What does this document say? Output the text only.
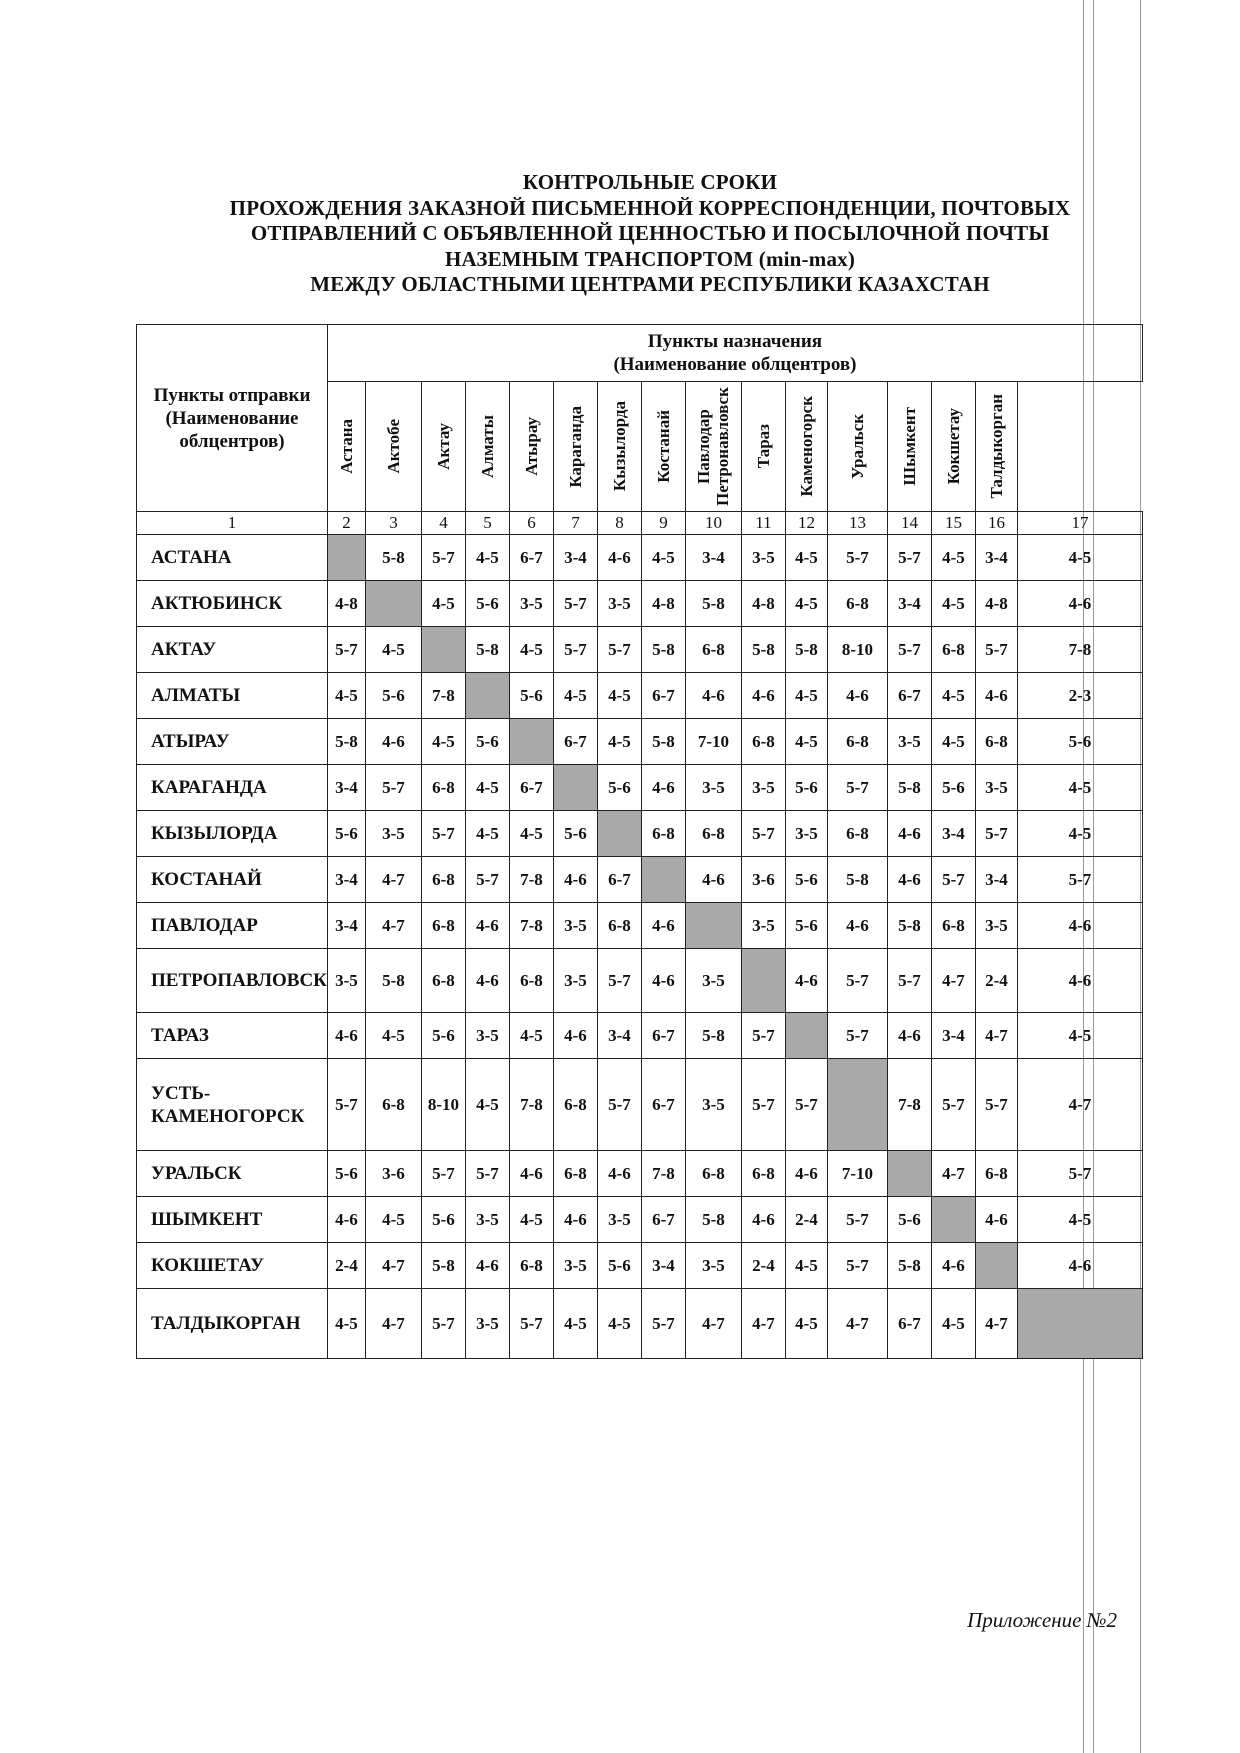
КОНТРОЛЬНЫЕ СРОКИ
ПРОХОЖДЕНИЯ ЗАКАЗНОЙ ПИСЬМЕННОЙ КОРРЕСПОНДЕНЦИИ, ПОЧТОВЫХ
ОТПРАВЛЕНИЙ С ОБЪЯВЛЕННОЙ ЦЕННОСТЬЮ И ПОСЫЛОЧНОЙ ПОЧТЫ
НАЗЕМНЫМ ТРАНСПОРТОМ (min-max)
МЕЖДУ ОБЛАСТНЫМИ ЦЕНТРАМИ РЕСПУБЛИКИ КАЗАХСТАН
Пункты отправки (Наименование облцентров)	Пункты назначения
(Наименование облцентров)															

	Астана	Актобе	Актау	Алматы	Атырау	Караганда	Кызылорда	Костанай	Павлодар Петронавловск	Тараз	Каменогорск	Уральск	Шымкент	Кокшетау	Талдыкорган	

1	2	3	4	5	6	7	8	9	10	11	12	13	14	15	16	17
АСТАНА		5-8	5-7	4-5	6-7	3-4	4-6	4-5	3-4	3-5	4-5	5-7	5-7	4-5	3-4	4-5
АКТЮБИНСК	4-8		4-5	5-6	3-5	5-7	3-5	4-8	5-8	4-8	4-5	6-8	3-4	4-5	4-8	4-6
АКТАУ	5-7	4-5		5-8	4-5	5-7	5-7	5-8	6-8	5-8	5-8	8-10	5-7	6-8	5-7	7-8
АЛМАТЫ	4-5	5-6	7-8		5-6	4-5	4-5	6-7	4-6	4-6	4-5	4-6	6-7	4-5	4-6	2-3
АТЫРАУ	5-8	4-6	4-5	5-6		6-7	4-5	5-8	7-10	6-8	4-5	6-8	3-5	4-5	6-8	5-6
КАРАГАНДА	3-4	5-7	6-8	4-5	6-7		5-6	4-6	3-5	3-5	5-6	5-7	5-8	5-6	3-5	4-5
КЫЗЫЛОРДА	5-6	3-5	5-7	4-5	4-5	5-6		6-8	6-8	5-7	3-5	6-8	4-6	3-4	5-7	4-5
КОСТАНАЙ	3-4	4-7	6-8	5-7	7-8	4-6	6-7		4-6	3-6	5-6	5-8	4-6	5-7	3-4	5-7
ПАВЛОДАР	3-4	4-7	6-8	4-6	7-8	3-5	6-8	4-6		3-5	5-6	4-6	5-8	6-8	3-5	4-6
ПЕТРОПАВЛОВСК	3-5	5-8	6-8	4-6	6-8	3-5	5-7	4-6	3-5		4-6	5-7	5-7	4-7	2-4	4-6
ТАРАЗ	4-6	4-5	5-6	3-5	4-5	4-6	3-4	6-7	5-8	5-7		5-7	4-6	3-4	4-7	4-5
УСТЬ-КАМЕНОГОРСК	5-7	6-8	8-10	4-5	7-8	6-8	5-7	6-7	3-5	5-7	5-7		7-8	5-7	5-7	4-7
УРАЛЬСК	5-6	3-6	5-7	5-7	4-6	6-8	4-6	7-8	6-8	6-8	4-6	7-10		4-7	6-8	5-7
ШЫМКЕНТ	4-6	4-5	5-6	3-5	4-5	4-6	3-5	6-7	5-8	4-6	2-4	5-7	5-6		4-6	4-5
КОКШЕТАУ	2-4	4-7	5-8	4-6	6-8	3-5	5-6	3-4	3-5	2-4	4-5	5-7	5-8	4-6		4-6
ТАЛДЫКОРГАН	4-5	4-7	5-7	3-5	5-7	4-5	4-5	5-7	4-7	4-7	4-5	4-7	6-7	4-5	4-7	
Приложение №2
